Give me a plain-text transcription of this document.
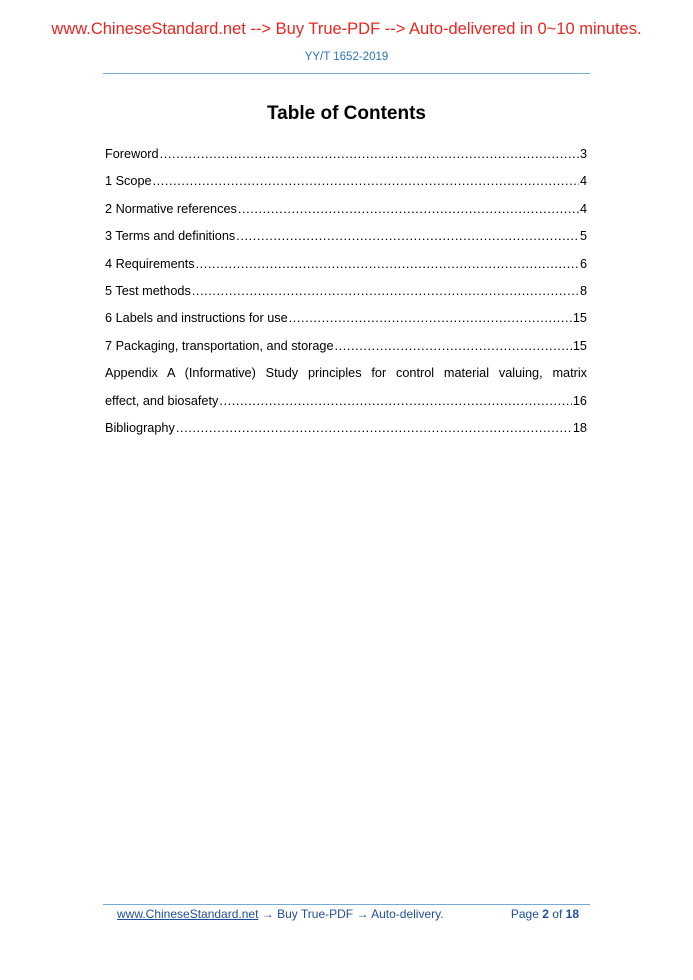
www.ChineseStandard.net --> Buy True-PDF --> Auto-delivered in 0~10 minutes.
YY/T 1652-2019
Table of Contents
Foreword .....	3
1 Scope .....	4
2 Normative references .....	4
3 Terms and definitions .....	5
4 Requirements .....	6
5 Test methods .....	8
6 Labels and instructions for use .....	15
7 Packaging, transportation, and storage .....	15
Appendix A (Informative) Study principles for control material valuing, matrix
effect, and biosafety .....	16
Bibliography .....	18
www.ChineseStandard.net → Buy True-PDF → Auto-delivery.	Page 2 of 18
